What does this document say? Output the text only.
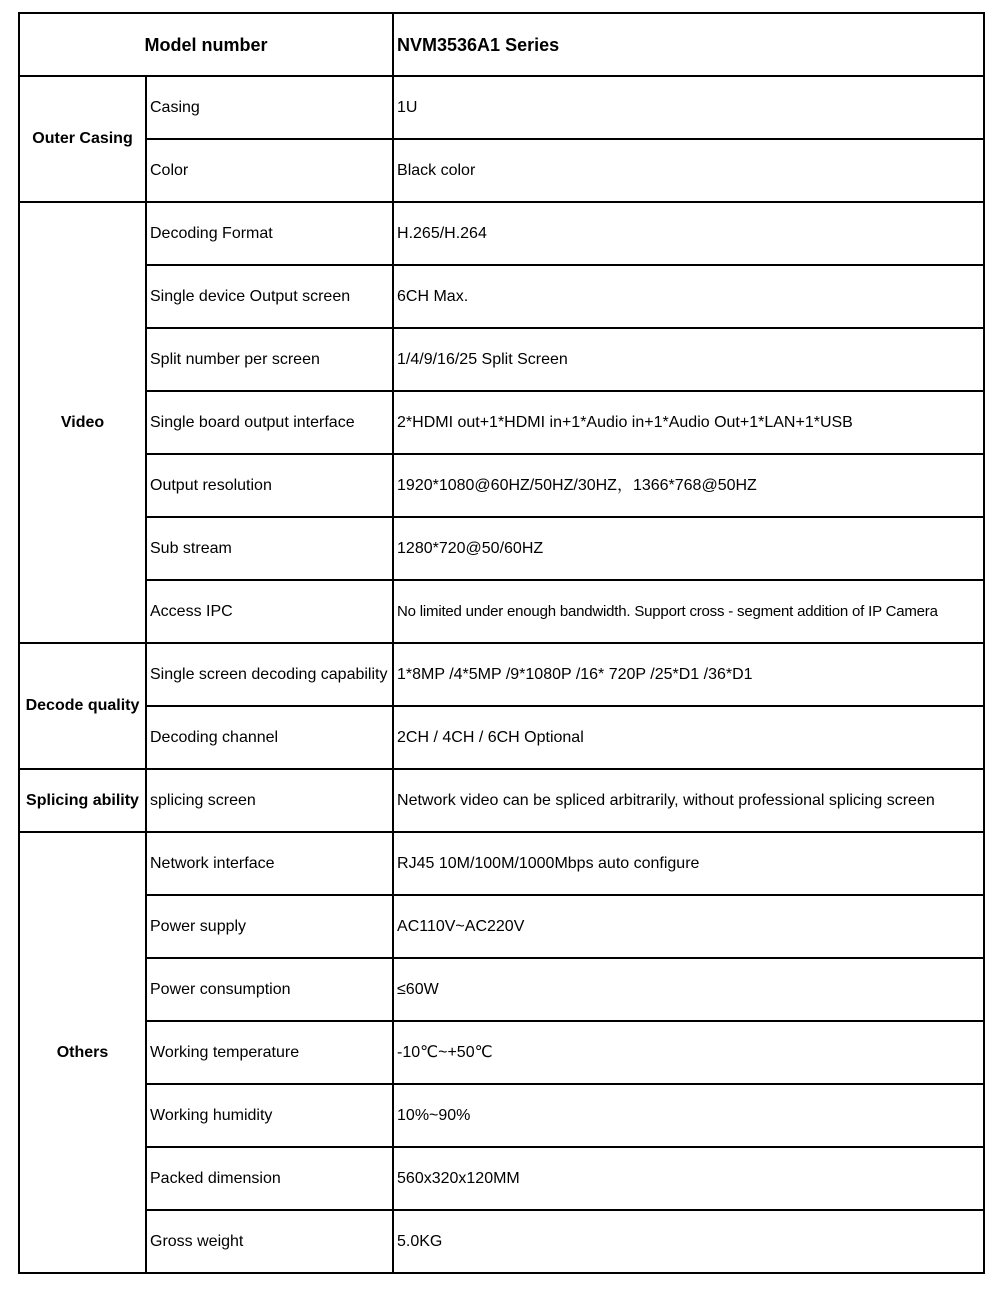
Model number		NVM3536A1 Series
Outer Casing	Casing	1U
	Color	Black color
Video	Decoding Format	H.265/H.264
	Single device Output screen	6CH Max.
	Split number per screen	1/4/9/16/25 Split Screen
	Single board output interface	2*HDMI out+1*HDMI in+1*Audio in+1*Audio Out+1*LAN+1*USB
	Output resolution	1920*1080@60HZ/50HZ/30HZ，1366*768@50HZ
	Sub stream	1280*720@50/60HZ
	Access IPC	No limited under enough bandwidth. Support cross - segment addition of IP Camera
Decode quality	Single screen decoding capability	1*8MP /4*5MP /9*1080P /16* 720P /25*D1 /36*D1
	Decoding channel	2CH / 4CH / 6CH Optional
Splicing ability	splicing screen	Network video can be spliced arbitrarily, without professional splicing screen
Others	Network interface	RJ45 10M/100M/1000Mbps auto configure
	Power supply	AC110V~AC220V
	Power consumption	≤60W
	Working temperature	-10℃~+50℃
	Working humidity	10%~90%
	Packed dimension	560x320x120MM
	Gross weight	5.0KG
